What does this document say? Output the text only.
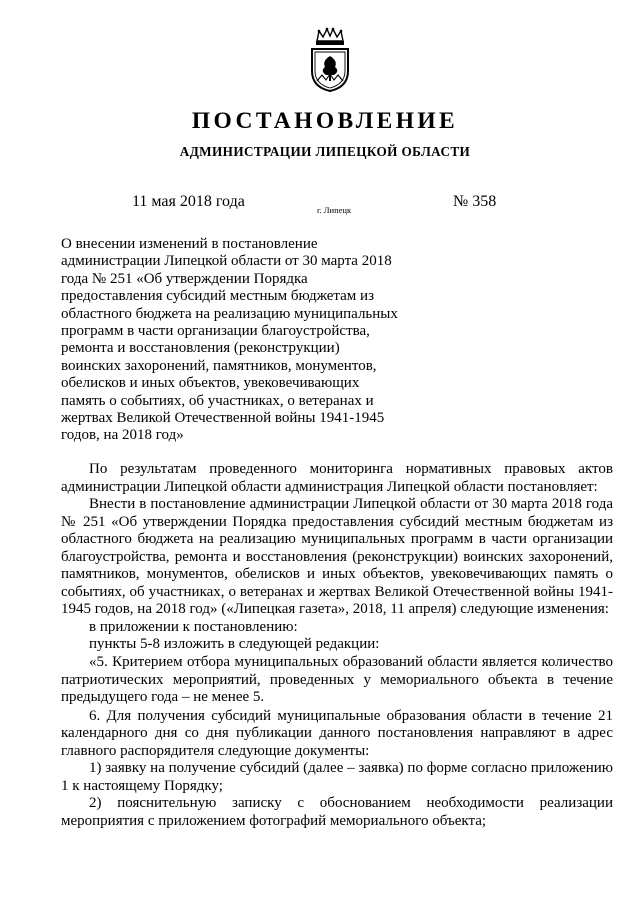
ПОСТАНОВЛЕНИЕ
АДМИНИСТРАЦИИ ЛИПЕЦКОЙ ОБЛАСТИ
11 мая 2018 года	г. Липецк	№ 358
О внесении изменений в постановление
администрации Липецкой области от 30 марта 2018
года № 251 «Об утверждении Порядка
предоставления субсидий местным бюджетам из
областного бюджета на реализацию муниципальных
программ в части организации благоустройства,
ремонта и восстановления (реконструкции)
воинских захоронений, памятников, монументов,
обелисков и иных объектов, увековечивающих
память о событиях, об участниках, о ветеранах и
жертвах Великой Отечественной войны 1941-1945
годов, на 2018 год»

По результатам проведенного мониторинга нормативных правовых актов администрации Липецкой области администрация Липецкой области постановляет:

Внести в постановление администрации Липецкой области от 30 марта 2018 года № 251 «Об утверждении Порядка предоставления субсидий местным бюджетам из областного бюджета на реализацию муниципальных программ в части организации благоустройства, ремонта и восстановления (реконструкции) воинских захоронений, памятников, монументов, обелисков и иных объектов, увековечивающих память о событиях, об участниках, о ветеранах и жертвах Великой Отечественной войны 1941-1945 годов, на 2018 год» («Липецкая газета», 2018, 11 апреля) следующие изменения:

в приложении к постановлению:

пункты 5-8 изложить в следующей редакции:

«5. Критерием отбора муниципальных образований области является количество патриотических мероприятий, проведенных у мемориального объекта в течение предыдущего года – не менее 5.

6. Для получения субсидий муниципальные образования области в течение 21 календарного дня со дня публикации данного постановления направляют в адрес главного распорядителя следующие документы:

1) заявку на получение субсидий (далее – заявка) по форме согласно приложению 1 к настоящему Порядку;

2) пояснительную записку с обоснованием необходимости реализации мероприятия с приложением фотографий мемориального объекта;
